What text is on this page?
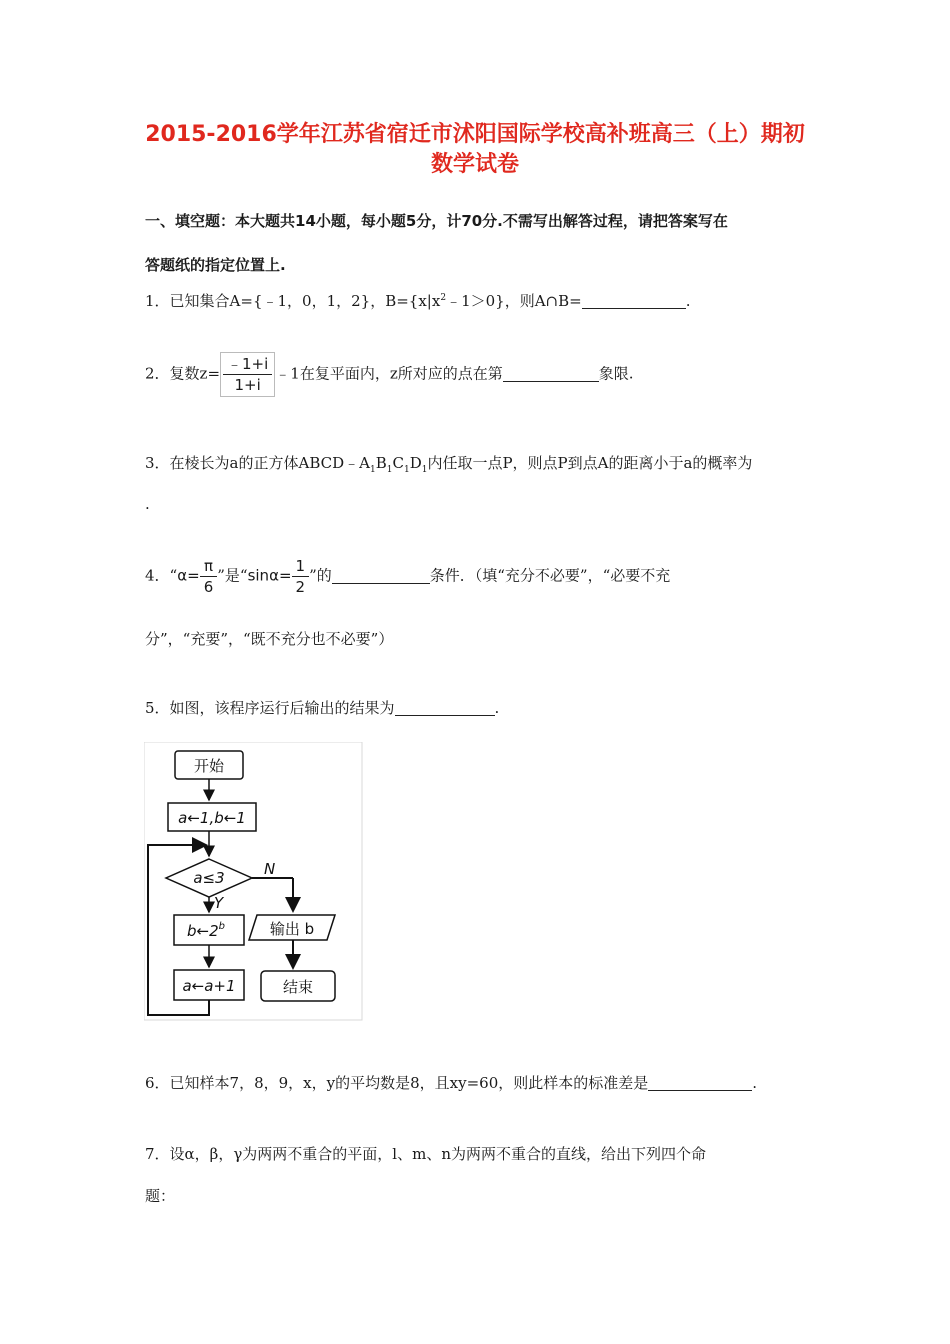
2015-2016学年江苏省宿迁市沭阳国际学校高补班高三（上）期初
数学试卷
一、填空题：本大题共14小题，每小题5分，计70分.不需写出解答过程，请把答案写在
答题纸的指定位置上.
1．已知集合A={﹣1，0，1，2}，$B=\{x|x^2﹣1>0\}$，则A∩B=	.
2．复数$z= \frac{﹣1+i}{1+i}$ ﹣1在复平面内，z所对应的点在第	象限.
3．在棱长为a的正方体$ABCD﹣A_1B_1C_1D_1$内任取一点P，则点P到点A的距离小于a的概率为
.
4．“$\alpha= \frac{\pi}{6}$ ”是“$\sin\alpha= \frac{1}{2}$ ”的	条件．（填“充分不必要”，“必要不充
分”，“充要”，“既不充分也不必要”）
5．如图，该程序运行后输出的结果为	.
开始
a←1,b←1
a≤3	N
Y
b←2$^b$	输出 b
a←a+1	结束
6．已知样本7，8，9，x，y的平均数是8，且xy=60，则此样本的标准差是	.
7．设α，β，γ为两两不重合的平面，l、m、n为两两不重合的直线，给出下列四个命
题：
